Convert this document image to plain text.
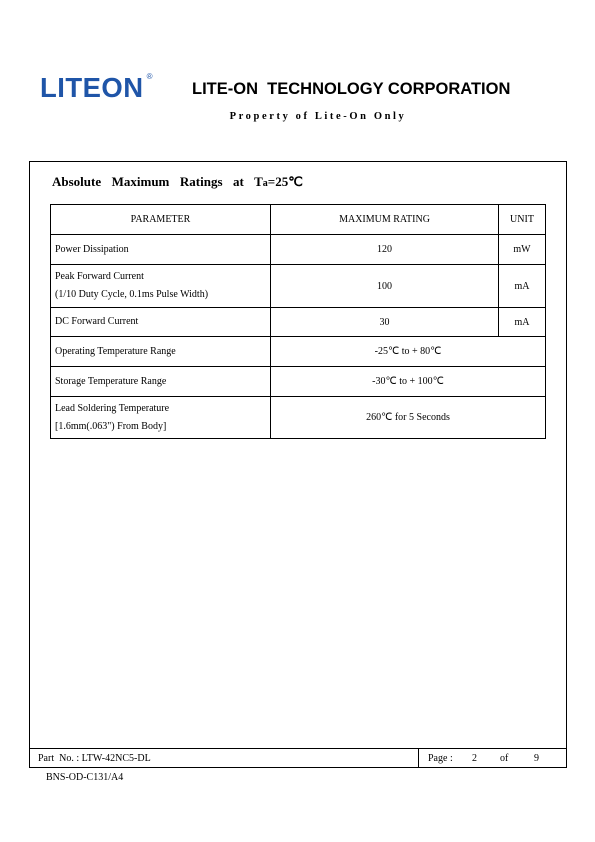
LITEON ®
LITE-ON  TECHNOLOGY CORPORATION
Property of Lite-On Only
Absolute  Maximum  Ratings  at  Ta=25℃
PARAMETER	MAXIMUM RATING	UNIT
Power Dissipation	120	mW
Peak Forward Current
(1/10 Duty Cycle, 0.1ms Pulse Width)	100	mA
DC Forward Current	30	mA
Operating Temperature Range	-25℃ to + 80℃	
Storage Temperature Range	-30℃ to + 100℃	
Lead Soldering Temperature
[1.6mm(.063") From Body]	260℃ for 5 Seconds	
Part  No. : LTW-42NC5-DL	Page : 2 of	9
BNS-OD-C131/A4
